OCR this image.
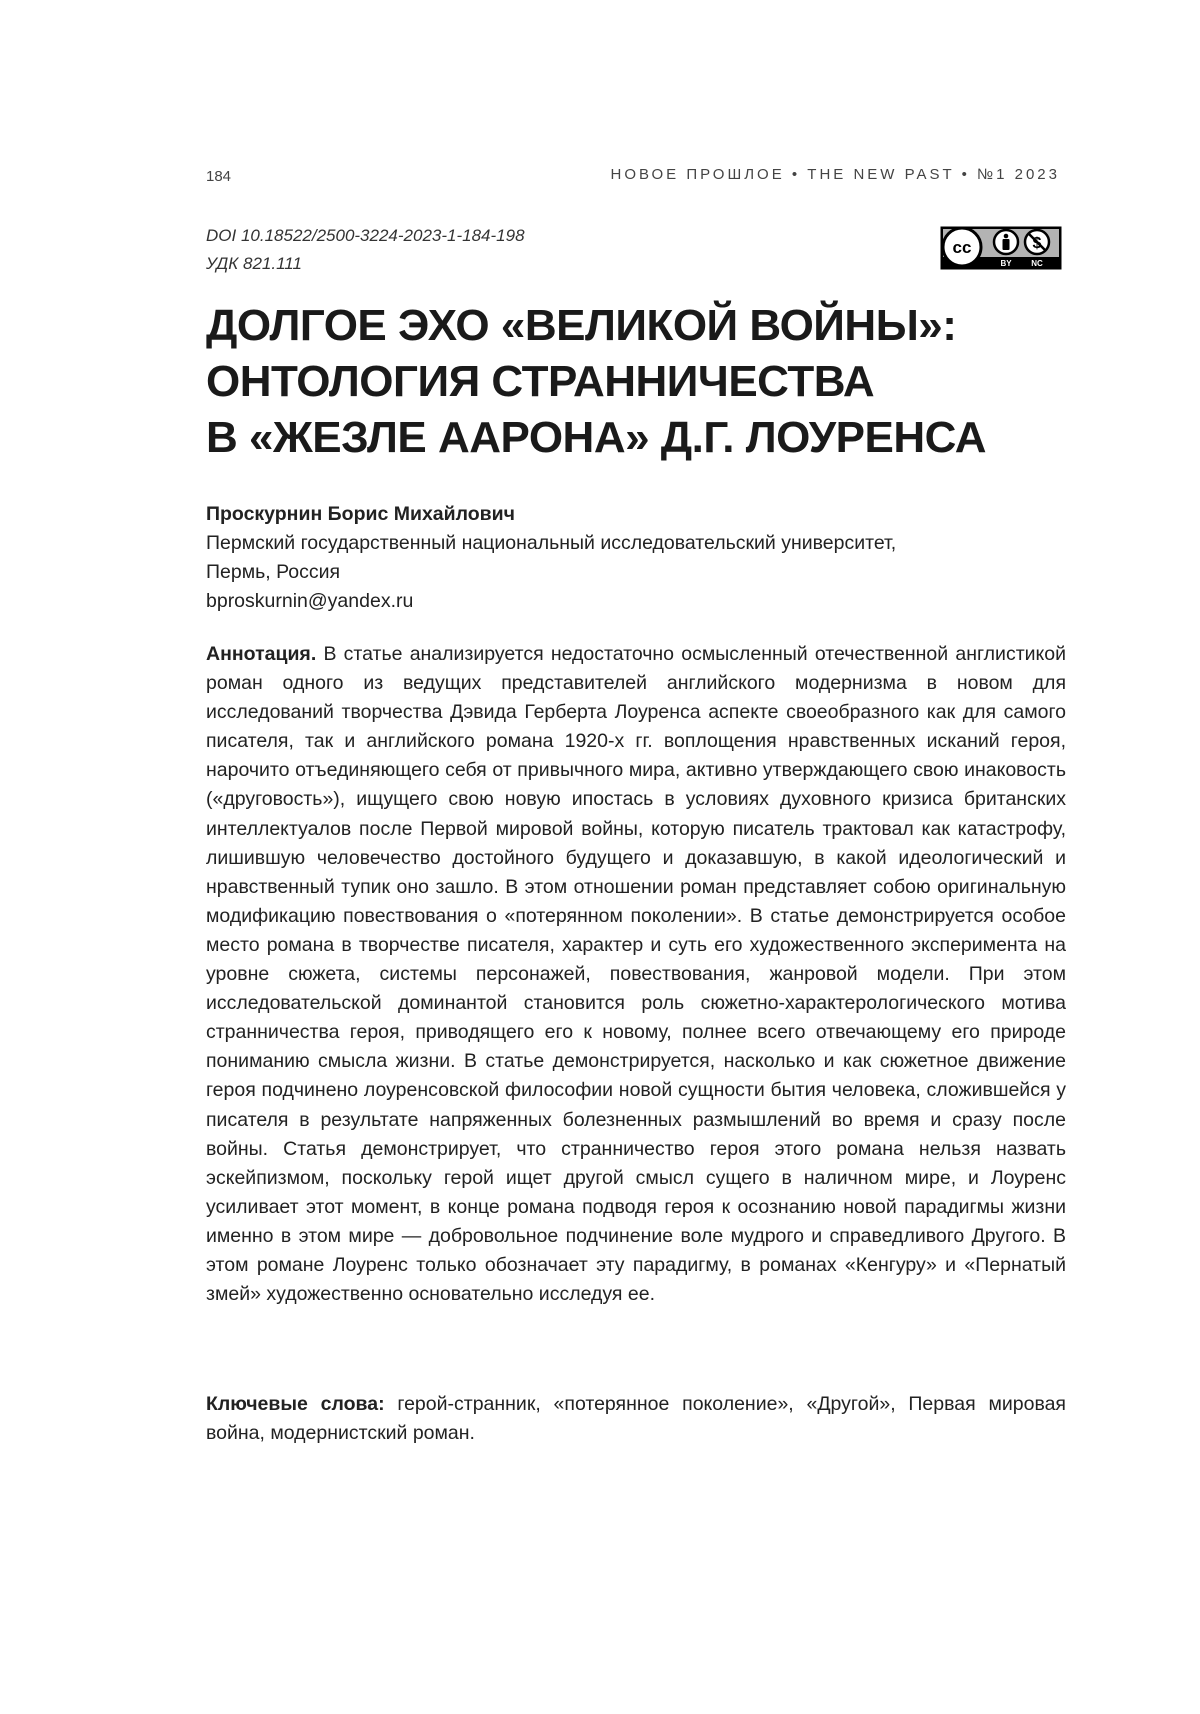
184	НОВОЕ ПРОШЛОЕ • THE NEW PAST • №1 2023
DOI 10.18522/2500-3224-2023-1-184-198
УДК 821.111
cc
BY NC
ДОЛГОЕ ЭХО «ВЕЛИКОЙ ВОЙНЫ»:
ОНТОЛОГИЯ СТРАННИЧЕСТВА
В «ЖЕЗЛЕ ААРОНА» Д.Г. ЛОУРЕНСА
Проскурнин Борис Михайлович
Пермский государственный национальный исследовательский университет,
Пермь, Россия
bproskurnin@yandex.ru

Аннотация. В статье анализируется недостаточно осмысленный отечественной англистикой роман одного из ведущих представителей английского модернизма в новом для исследований творчества Дэвида Герберта Лоуренса аспекте своео­бразного как для самого писателя, так и английского романа 1920-х гг. воплощения нравственных исканий героя, нарочито отъединяющего себя от привычного мира, активно утверждающего свою инаковость («друговость»), ищущего свою новую ипостась в условиях духовного кризиса британских интеллектуалов после Первой мировой войны, которую писатель трактовал как катастрофу, лишившую челове­чество достойного будущего и доказавшую, в какой идеологический и нравственный тупик оно зашло. В этом отношении роман представляет собою оригинальную мо­дификацию повествования о «потерянном поколении». В статье демонстрируется особое место романа в творчестве писателя, характер и суть его художественного эксперимента на уровне сюжета, системы персонажей, повествования, жанровой модели. При этом исследовательской доминантой становится роль сюжетно-харак­терологического мотива странничества героя, приводящего его к новому, полнее всего отвечающему его природе пониманию смысла жизни. В статье демонстри­руется, насколько и как сюжетное движение героя подчинено лоуренсовской философии новой сущности бытия человека, сложившейся у писателя в результате напряженных болезненных размышлений во время и сразу после войны. Статья де­монстрирует, что странничество героя этого романа нельзя назвать эскейпизмом, поскольку герой ищет другой смысл сущего в наличном мире, и Лоуренс усиливает этот момент, в конце романа подводя героя к осознанию новой парадигмы жизни именно в этом мире — добровольное подчинение воле мудрого и справедливого Другого. В этом романе Лоуренс только обозначает эту парадигму, в романах «Кен­гуру» и «Пернатый змей» художественно основательно исследуя ее.

Ключевые слова: герой-странник, «потерянное поколение», «Другой», Первая миро­вая война, модернистский роман.
